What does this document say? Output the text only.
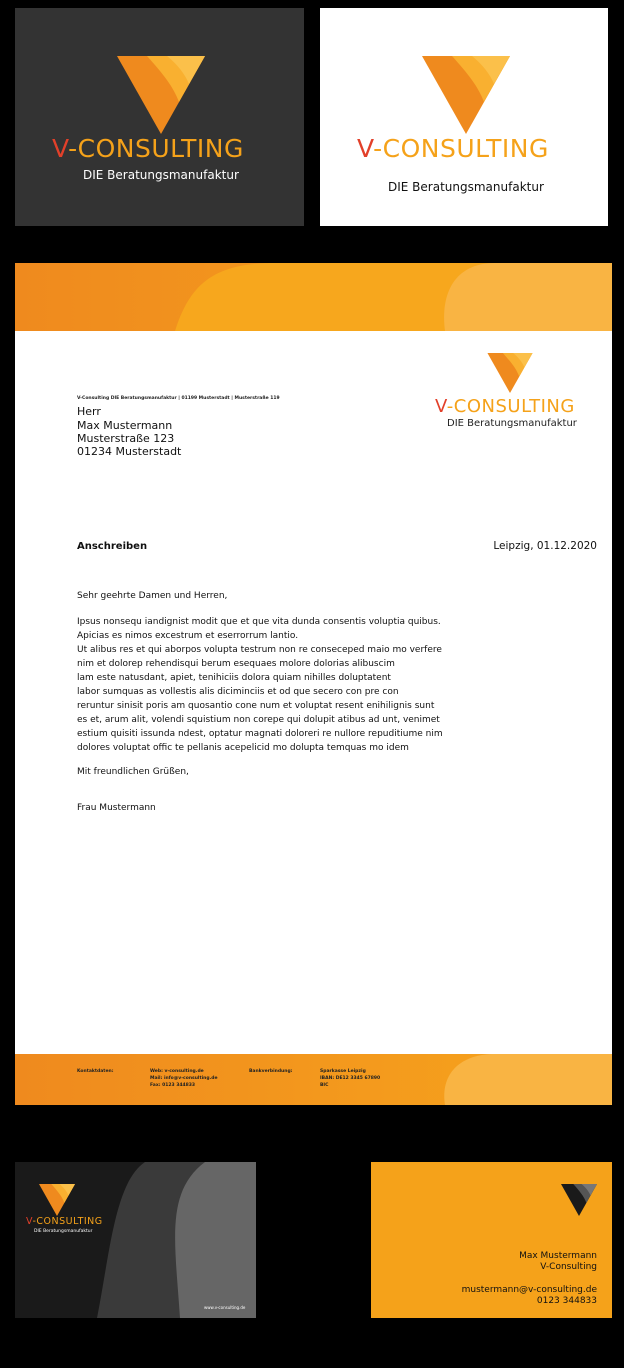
V-CONSULTING
DIE Beratungsmanufaktur
V-CONSULTING
DIE Beratungsmanufaktur
V-CONSULTING
DIE Beratungsmanufaktur
V-Consulting DIE Beratungsmanufaktur | 01199 Musterstadt | Musterstraße 119
Herr
Max Mustermann
Musterstraße 123
01234 Musterstadt
Anschreiben	Leipzig, 01.12.2020
Sehr geehrte Damen und Herren,
Ipsus nonsequ iandignist modit que et que vita dunda consentis voluptia quibus.
Apicias es nimos excestrum et eserrorrum lantio.
Ut alibus res et qui aborpos volupta testrum non re conseceped maio mo verfere
nim et dolorep rehendisqui berum esequaes molore dolorias alibuscim
lam este natusdant, apiet, tenihiciis dolora quiam nihilles doluptatent
labor sumquas as vollestis alis diciminciis et od que secero con pre con
reruntur sinisit poris am quosantio cone num et voluptat resent enihilignis sunt
es et, arum alit, volendi squistium non corepe qui dolupit atibus ad unt, venimet
estium quisiti issunda ndest, optatur magnati doloreri re nullore repuditiume nim
dolores voluptat offic te pellanis acepelicid mo dolupta temquas mo idem
Mit freundlichen Grüßen,
Frau Mustermann
Kontaktdaten:	Web: v-consulting.de
Mail: info@v-consulting.de
Fax: 0123 344833
Bankverbindung:	Sparkasse Leipzig
IBAN: DE12 3345 67890
BIC
V-CONSULTING
DIE Beratungsmanufaktur
www.v-consulting.de
Max Mustermann
V-Consulting
mustermann@v-consulting.de
0123 344833
